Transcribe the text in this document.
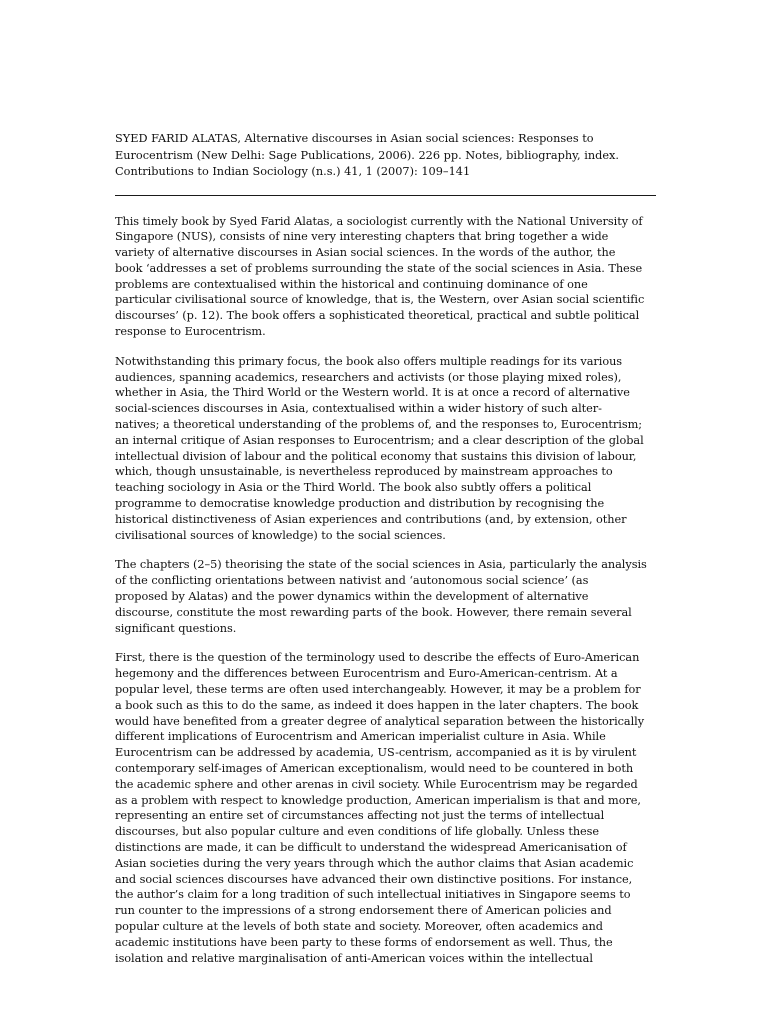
SYED FARID ALATAS, Alternative discourses in Asian social sciences: Responses to
Eurocentrism (New Delhi: Sage Publications, 2006). 226 pp. Notes, bibliography, index.
Contributions to Indian Sociology (n.s.) 41, 1 (2007): 109–141

This timely book by Syed Farid Alatas, a sociologist currently with the National University of
Singapore (NUS), consists of nine very interesting chapters that bring together a wide
variety of alternative discourses in Asian social sciences. In the words of the author, the
book ‘addresses a set of problems surrounding the state of the social sciences in Asia. These
problems are contextualised within the historical and continuing dominance of one
particular civilisational source of knowledge, that is, the Western, over Asian social scientific
discourses’ (p. 12). The book offers a sophisticated theoretical, practical and subtle political
response to Eurocentrism.

Notwithstanding this primary focus, the book also offers multiple readings for its various
audiences, spanning academics, researchers and activists (or those playing mixed roles),
whether in Asia, the Third World or the Western world. It is at once a record of alternative
social-sciences discourses in Asia, contextualised within a wider history of such alter-
natives; a theoretical understanding of the problems of, and the responses to, Eurocentrism;
an internal critique of Asian responses to Eurocentrism; and a clear description of the global
intellectual division of labour and the political economy that sustains this division of labour,
which, though unsustainable, is nevertheless reproduced by mainstream approaches to
teaching sociology in Asia or the Third World. The book also subtly offers a political
programme to democratise knowledge production and distribution by recognising the
historical distinctiveness of Asian experiences and contributions (and, by extension, other
civilisational sources of knowledge) to the social sciences.

The chapters (2–5) theorising the state of the social sciences in Asia, particularly the analysis
of the conflicting orientations between nativist and ‘autonomous social science’ (as
proposed by Alatas) and the power dynamics within the development of alternative
discourse, constitute the most rewarding parts of the book. However, there remain several
significant questions.

First, there is the question of the terminology used to describe the effects of Euro-American
hegemony and the differences between Eurocentrism and Euro-American-centrism. At a
popular level, these terms are often used interchangeably. However, it may be a problem for
a book such as this to do the same, as indeed it does happen in the later chapters. The book
would have benefited from a greater degree of analytical separation between the historically
different implications of Eurocentrism and American imperialist culture in Asia. While
Eurocentrism can be addressed by academia, US-centrism, accompanied as it is by virulent
contemporary self-images of American exceptionalism, would need to be countered in both
the academic sphere and other arenas in civil society. While Eurocentrism may be regarded
as a problem with respect to knowledge production, American imperialism is that and more,
representing an entire set of circumstances affecting not just the terms of intellectual
discourses, but also popular culture and even conditions of life globally. Unless these
distinctions are made, it can be difficult to understand the widespread Americanisation of
Asian societies during the very years through which the author claims that Asian academic
and social sciences discourses have advanced their own distinctive positions. For instance,
the author’s claim for a long tradition of such intellectual initiatives in Singapore seems to
run counter to the impressions of a strong endorsement there of American policies and
popular culture at the levels of both state and society. Moreover, often academics and
academic institutions have been party to these forms of endorsement as well. Thus, the
isolation and relative marginalisation of anti-American voices within the intellectual
